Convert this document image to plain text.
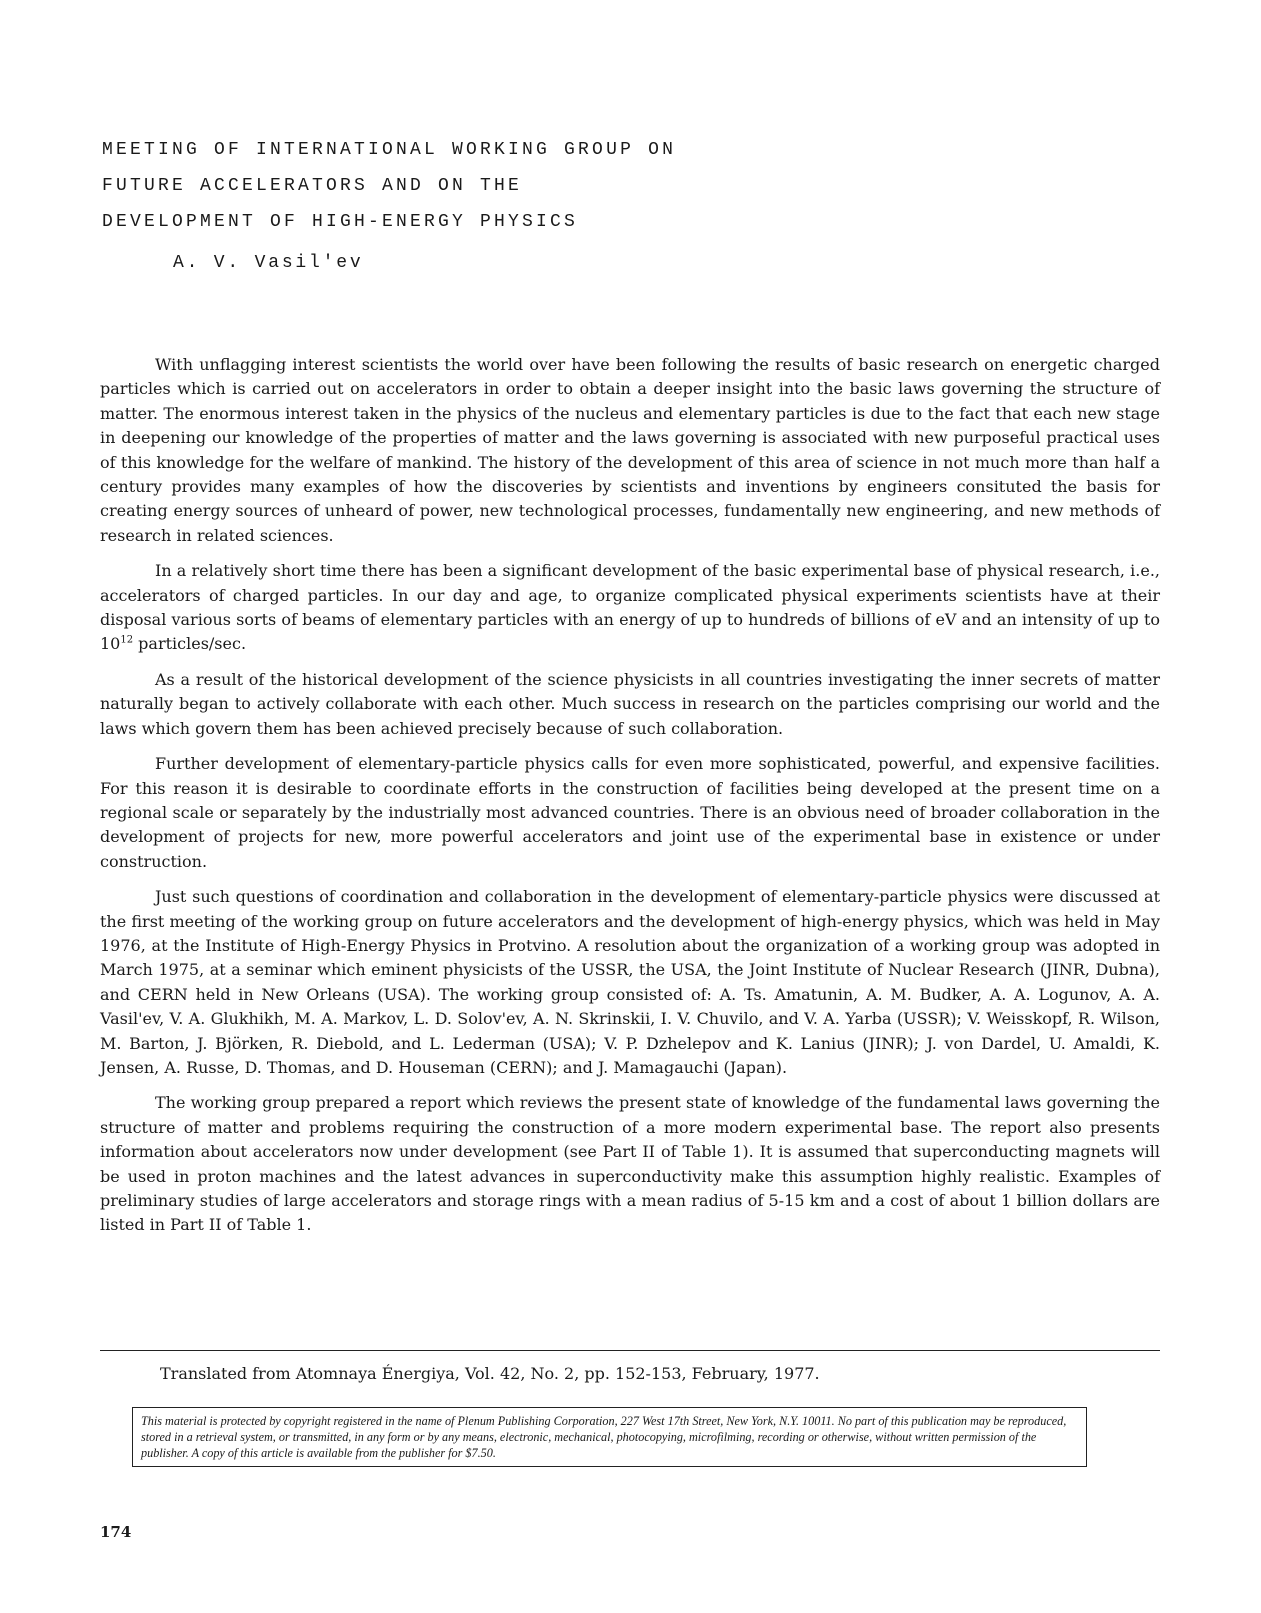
MEETING OF INTERNATIONAL WORKING GROUP ON
FUTURE ACCELERATORS AND ON THE
DEVELOPMENT OF HIGH-ENERGY PHYSICS
A. V. Vasil'ev

With unflagging interest scientists the world over have been following the results of basic research on energetic charged particles which is carried out on accelerators in order to obtain a deeper insight into the basic laws governing the structure of matter. The enormous interest taken in the physics of the nucleus and elementary particles is due to the fact that each new stage in deepening our knowledge of the properties of matter and the laws governing is associated with new purposeful practical uses of this knowledge for the welfare of mankind. The history of the development of this area of science in not much more than half a century provides many examples of how the discoveries by scientists and inventions by engineers consituted the basis for creating energy sources of unheard of power, new technological processes, fundamentally new engineering, and new methods of research in related sciences.

In a relatively short time there has been a significant development of the basic experimental base of physical research, i.e., accelerators of charged particles. In our day and age, to organize complicated physical experiments scientists have at their disposal various sorts of beams of elementary particles with an energy of up to hundreds of billions of eV and an intensity of up to $10^{12}$ particles/sec.

As a result of the historical development of the science physicists in all countries investigating the inner secrets of matter naturally began to actively collaborate with each other. Much success in research on the particles comprising our world and the laws which govern them has been achieved precisely because of such collaboration.

Further development of elementary-particle physics calls for even more sophisticated, powerful, and expensive facilities. For this reason it is desirable to coordinate efforts in the construction of facilities being developed at the present time on a regional scale or separately by the industrially most advanced countries. There is an obvious need of broader collaboration in the development of projects for new, more powerful accelerators and joint use of the experimental base in existence or under construction.

Just such questions of coordination and collaboration in the development of elementary-particle physics were discussed at the first meeting of the working group on future accelerators and the development of high-energy physics, which was held in May 1976, at the Institute of High-Energy Physics in Protvino. A resolution about the organization of a working group was adopted in March 1975, at a seminar which eminent physicists of the USSR, the USA, the Joint Institute of Nuclear Research (JINR, Dubna), and CERN held in New Orleans (USA). The working group consisted of: A. Ts. Amatunin, A. M. Budker, A. A. Logunov, A. A. Vasil'ev, V. A. Glukhikh, M. A. Markov, L. D. Solov'ev, A. N. Skrinskii, I. V. Chuvilo, and V. A. Yarba (USSR); V. Weisskopf, R. Wilson, M. Barton, J. Björken, R. Diebold, and L. Lederman (USA); V. P. Dzhelepov and K. Lanius (JINR); J. von Dardel, U. Amaldi, K. Jensen, A. Russe, D. Thomas, and D. Houseman (CERN); and J. Mamagauchi (Japan).

The working group prepared a report which reviews the present state of knowledge of the fundamental laws governing the structure of matter and problems requiring the construction of a more modern experimental base. The report also presents information about accelerators now under development (see Part II of Table 1). It is assumed that superconducting magnets will be used in proton machines and the latest advances in superconductivity make this assumption highly realistic. Examples of preliminary studies of large accelerators and storage rings with a mean radius of 5-15 km and a cost of about 1 billion dollars are listed in Part II of Table 1.

Translated from Atomnaya Énergiya, Vol. 42, No. 2, pp. 152-153, February, 1977.
This material is protected by copyright registered in the name of Plenum Publishing Corporation, 227 West 17th Street, New York, N.Y. 10011. No part of this publication may be reproduced, stored in a retrieval system, or transmitted, in any form or by any means, electronic, mechanical, photocopying, microfilming, recording or otherwise, without written permission of the publisher. A copy of this article is available from the publisher for $7.50.
174
